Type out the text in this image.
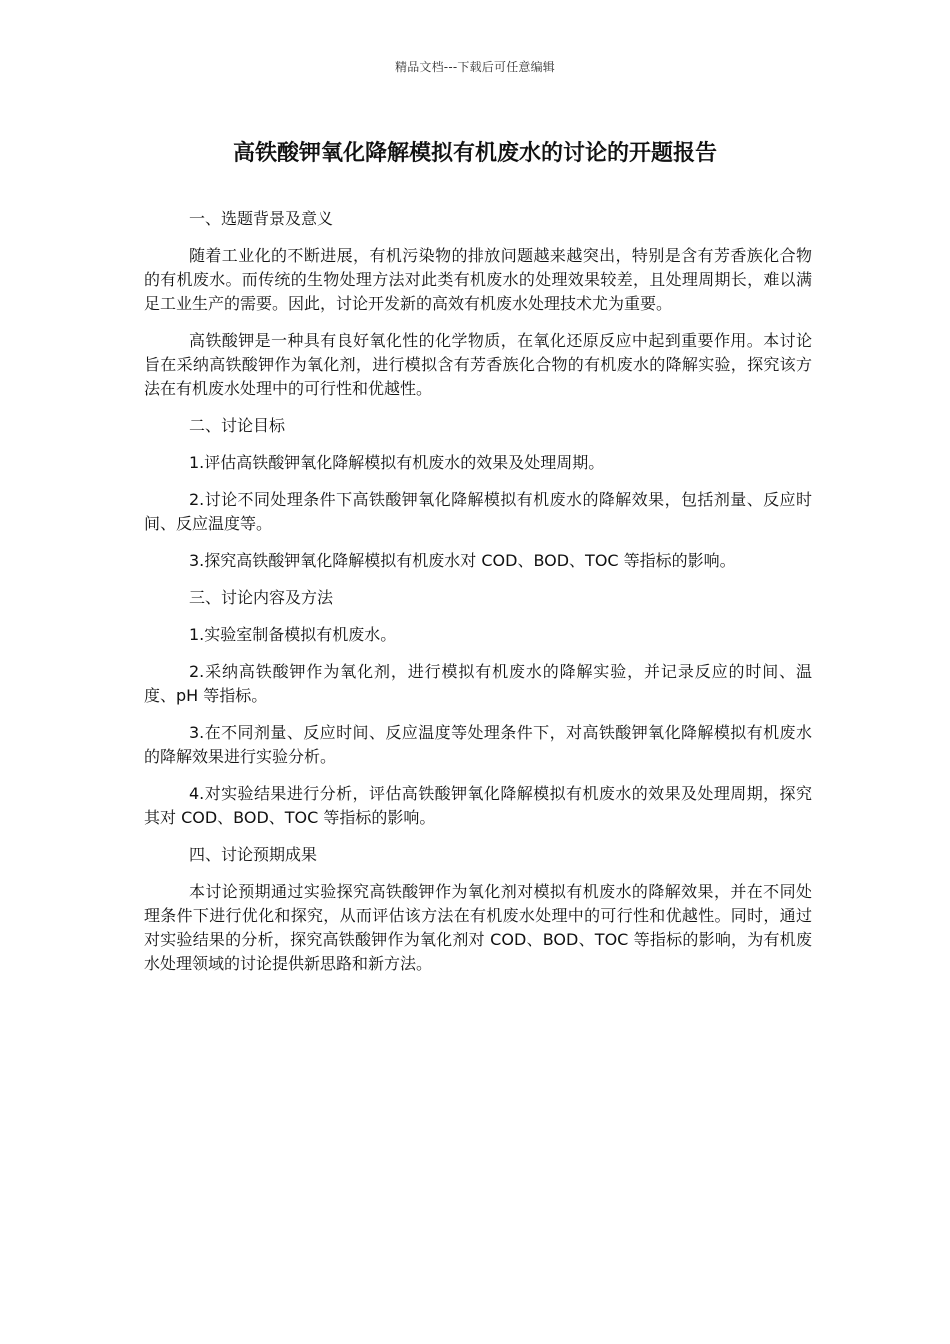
精品文档---下载后可任意编辑
高铁酸钾氧化降解模拟有机废水的讨论的开题报告

一、选题背景及意义

随着工业化的不断进展，有机污染物的排放问题越来越突出，特别是含有芳香族化合物的有机废水。而传统的生物处理方法对此类有机废水的处理效果较差，且处理周期长，难以满足工业生产的需要。因此，讨论开发新的高效有机废水处理技术尤为重要。

高铁酸钾是一种具有良好氧化性的化学物质，在氧化还原反应中起到重要作用。本讨论旨在采纳高铁酸钾作为氧化剂，进行模拟含有芳香族化合物的有机废水的降解实验，探究该方法在有机废水处理中的可行性和优越性。

二、讨论目标

1.评估高铁酸钾氧化降解模拟有机废水的效果及处理周期。

2.讨论不同处理条件下高铁酸钾氧化降解模拟有机废水的降解效果，包括剂量、反应时间、反应温度等。

3.探究高铁酸钾氧化降解模拟有机废水对 COD、BOD、TOC 等指标的影响。

三、讨论内容及方法

1.实验室制备模拟有机废水。

2.采纳高铁酸钾作为氧化剂，进行模拟有机废水的降解实验，并记录反应的时间、温度、pH 等指标。

3.在不同剂量、反应时间、反应温度等处理条件下，对高铁酸钾氧化降解模拟有机废水的降解效果进行实验分析。

4.对实验结果进行分析，评估高铁酸钾氧化降解模拟有机废水的效果及处理周期，探究其对 COD、BOD、TOC 等指标的影响。

四、讨论预期成果

本讨论预期通过实验探究高铁酸钾作为氧化剂对模拟有机废水的降解效果，并在不同处理条件下进行优化和探究，从而评估该方法在有机废水处理中的可行性和优越性。同时，通过对实验结果的分析，探究高铁酸钾作为氧化剂对 COD、BOD、TOC 等指标的影响，为有机废水处理领域的讨论提供新思路和新方法。
